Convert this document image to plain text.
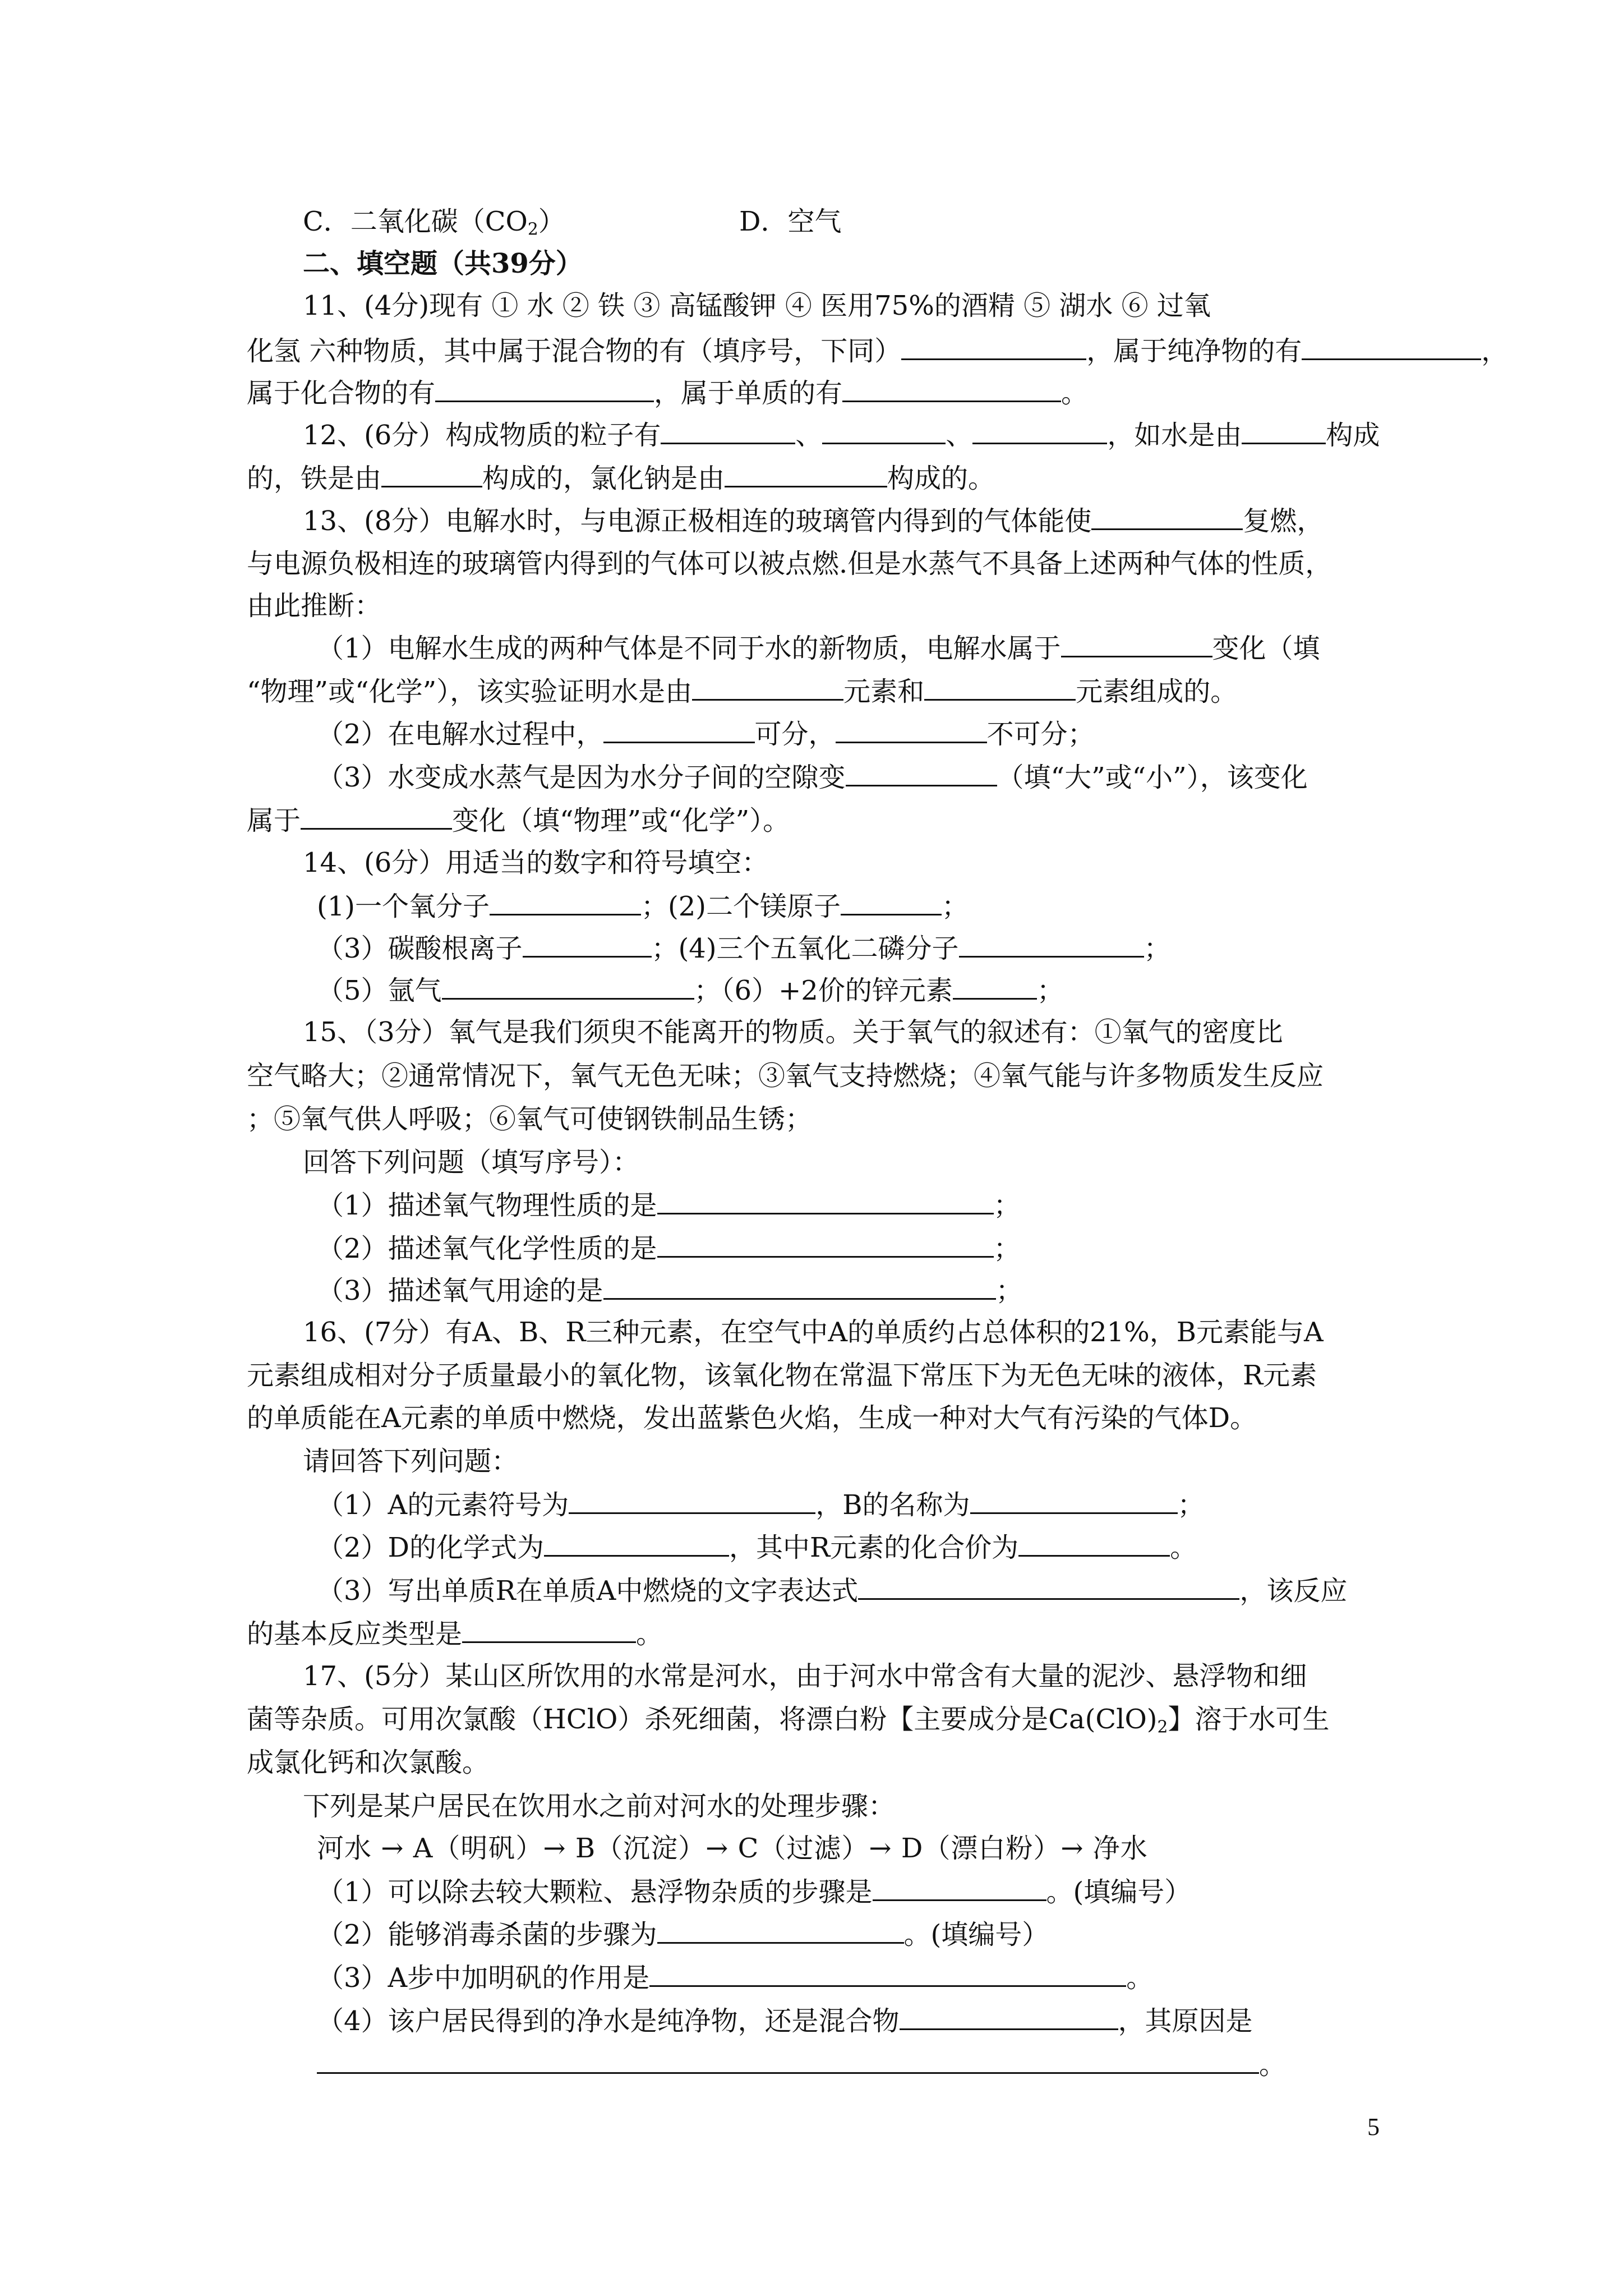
C．二氧化碳$(CO_2)$	D．空气
二、填空题（共39分）
11、(4分)现有 ① 水 ② 铁 ③ 高锰酸钾 ④ 医用75%的酒精 ⑤ 湖水 ⑥ 过氧
化氢 六种物质，其中属于混合物的有（填序号，下同）	，属于纯净物的有	，
属于化合物的有	，属于单质的有	。
12、(6分）构成物质的粒子有	、	、	，如水是由	构成
的，铁是由	构成的，氯化钠是由	构成的。
13、(8分）电解水时，与电源正极相连的玻璃管内得到的气体能使	复燃，
与电源负极相连的玻璃管内得到的气体可以被点燃.但是水蒸气不具备上述两种气体的性质，
由此推断：
（1）电解水生成的两种气体是不同于水的新物质，电解水属于	变化（填
“物理”或“化学”），该实验证明水是由	元素和	元素组成的。
（2）在电解水过程中，	可分，	不可分；
（3）水变成水蒸气是因为水分子间的空隙变	（填“大”或“小”），该变化
属于	变化（填“物理”或“化学”）。
14、(6分）用适当的数字和符号填空：
(1)一个氧分子	；(2)二个镁原子	；
（3）碳酸根离子	；(4)三个五氧化二磷分子	；
（5）氩气	；（6）+2价的锌元素	；
15、（3分）氧气是我们须臾不能离开的物质。关于氧气的叙述有：①氧气的密度比
空气略大；②通常情况下，氧气无色无味；③氧气支持燃烧；④氧气能与许多物质发生反应
；⑤氧气供人呼吸；⑥氧气可使钢铁制品生锈；
回答下列问题（填写序号）：
（1）描述氧气物理性质的是	；
（2）描述氧气化学性质的是	；
（3）描述氧气用途的是	；
16、(7分）有A、B、R三种元素，在空气中A的单质约占总体积的21%，B元素能与A
元素组成相对分子质量最小的氧化物，该氧化物在常温下常压下为无色无味的液体，R元素
的单质能在A元素的单质中燃烧，发出蓝紫色火焰，生成一种对大气有污染的气体D。
请回答下列问题：
（1）A的元素符号为	，B的名称为	；
（2）D的化学式为	，其中R元素的化合价为	。
（3）写出单质R在单质A中燃烧的文字表达式	，该反应
的基本反应类型是	。
17、(5分）某山区所饮用的水常是河水，由于河水中常含有大量的泥沙、悬浮物和细
菌等杂质。可用次氯酸（HClO）杀死细菌，将漂白粉【主要成分是$Ca(ClO)_2$】溶于水可生
成氯化钙和次氯酸。
下列是某户居民在饮用水之前对河水的处理步骤：
河水 → A（明矾）→ B（沉淀）→ C（过滤）→ D（漂白粉）→ 净水
（1）可以除去较大颗粒、悬浮物杂质的步骤是	。(填编号）
（2）能够消毒杀菌的步骤为	。(填编号）
（3）A步中加明矾的作用是	。
（4）该户居民得到的净水是纯净物，还是混合物	，其原因是
。
5
